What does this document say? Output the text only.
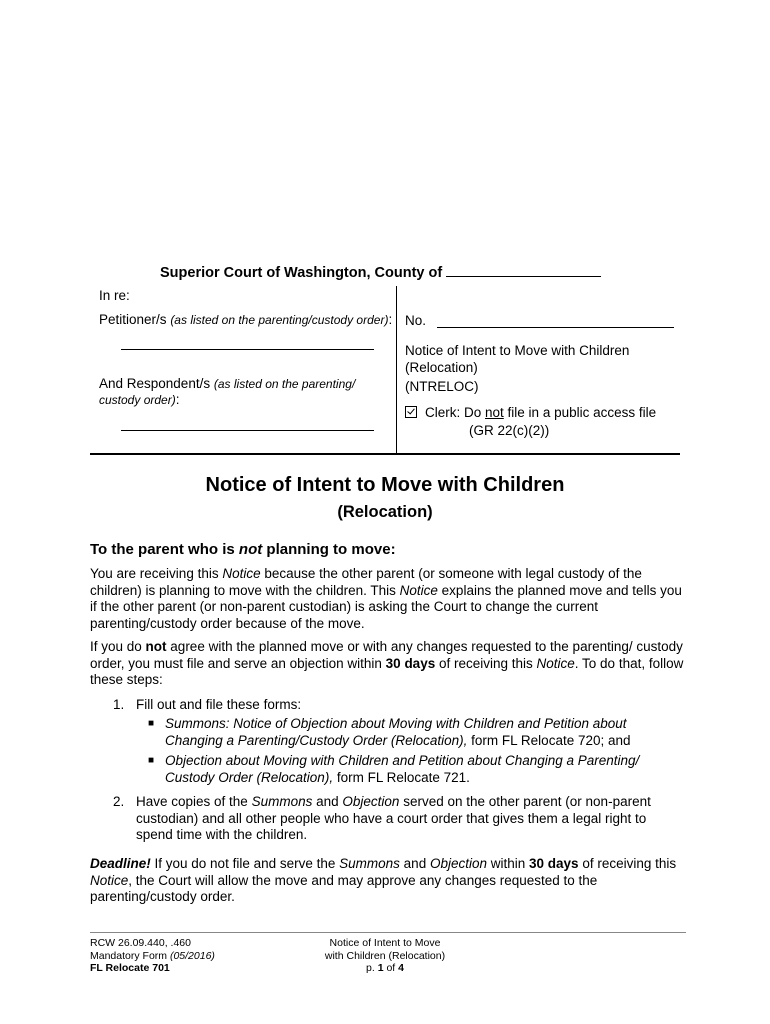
Superior Court of Washington, County of
In re:
Petitioner/s (as listed on the parenting/custody order):
And Respondent/s (as listed on the parenting/
custody order):
No.
Notice of Intent to Move with Children
(Relocation)
(NTRELOC)
Clerk: Do not file in a public access file
(GR 22(c)(2))
Notice of Intent to Move with Children
(Relocation)
To the parent who is not planning to move:
You are receiving this Notice because the other parent (or someone with legal custody of the children) is planning to move with the children. This Notice explains the planned move and tells you if the other parent (or non-parent custodian) is asking the Court to change the current parenting/custody order because of the move.
If you do not agree with the planned move or with any changes requested to the parenting/ custody order, you must file and serve an objection within 30 days of receiving this Notice. To do that, follow these steps:
1. Fill out and file these forms:
■ Summons: Notice of Objection about Moving with Children and Petition about Changing a Parenting/Custody Order (Relocation), form FL Relocate 720; and
■ Objection about Moving with Children and Petition about Changing a Parenting/ Custody Order (Relocation), form FL Relocate 721.
2. Have copies of the Summons and Objection served on the other parent (or non-parent custodian) and all other people who have a court order that gives them a legal right to spend time with the children.
Deadline! If you do not file and serve the Summons and Objection within 30 days of receiving this Notice, the Court will allow the move and may approve any changes requested to the parenting/custody order.
RCW 26.09.440, .460
Mandatory Form (05/2016)
FL Relocate 701
Notice of Intent to Move
with Children (Relocation)
p. 1 of 4
